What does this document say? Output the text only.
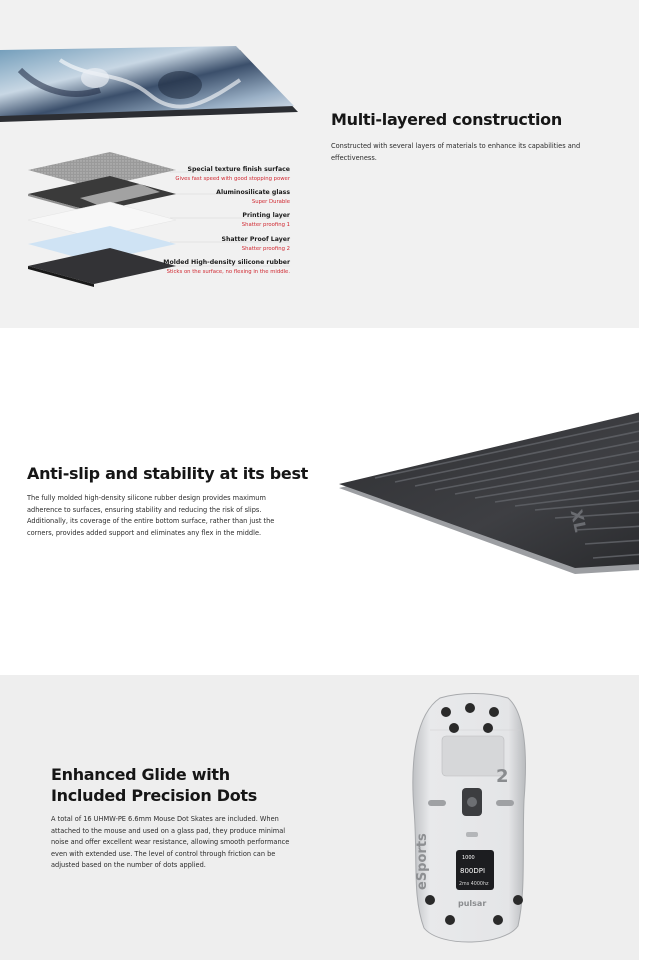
Multi-layered construction

Constructed with several layers of materials to enhance its capabilities and effectiveness.

Special texture finish surface
Gives fast speed with good stopping power
Aluminosilicate glass
Super Durable
Printing layer
Shatter proofing 1
Shatter Proof Layer
Shatter proofing 2
Molded High-density silicone rubber
Sticks on the surface, no flexing in the middle.
Anti-slip and stability at its best

The fully molded high-density silicone rubber design provides maximum adherence to surfaces, ensuring stability and reducing the risk of slips. Additionally, its coverage of the entire bottom surface, rather than just the corners, provides added support and eliminates any flex in the middle.	XL
Enhanced Glide with
Included Precision Dots

A total of 16 UHMW-PE 6.6mm Mouse Dot Skates are included. When attached to the mouse and used on a glass pad, they produce minimal noise and offer excellent wear resistance, allowing smooth performance even with extended use. The level of control through friction can be adjusted based on the number of dots applied.

2
eSports	1000
800DPI
2ms 4000hz
pulsar
